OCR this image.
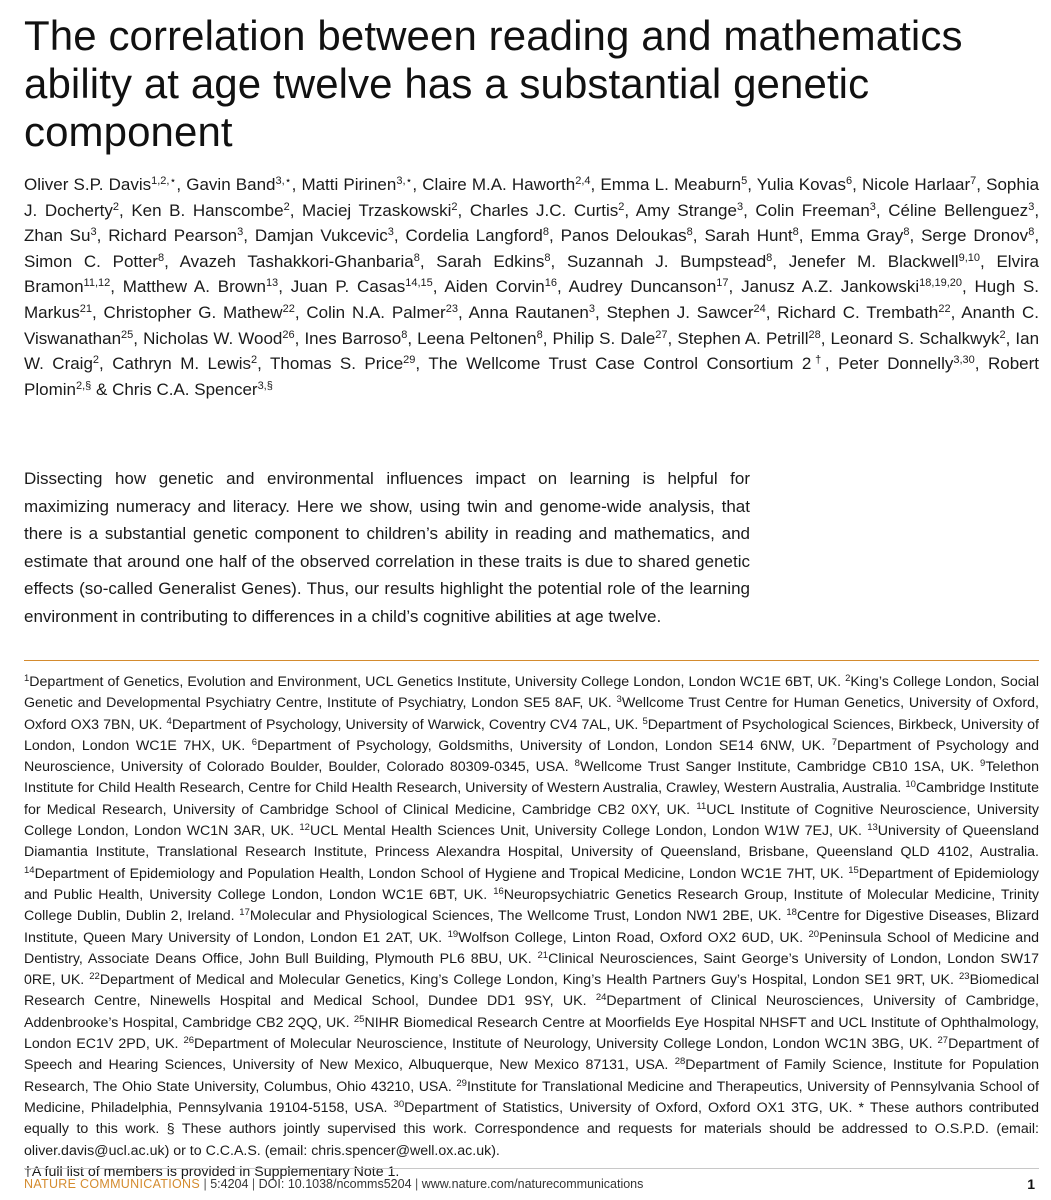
The correlation between reading and mathematics ability at age twelve has a substantial genetic component

Oliver S.P. Davis$^{1,2,⋆}$, Gavin Band$^{3,⋆}$, Matti Pirinen$^{3,⋆}$, Claire M.A. Haworth$^{2,4}$, Emma L. Meaburn$^5$, Yulia Kovas$^6$, Nicole Harlaar$^7$, Sophia J. Docherty$^2$, Ken B. Hanscombe$^2$, Maciej Trzaskowski$^2$, Charles J.C. Curtis$^2$, Amy Strange$^3$, Colin Freeman$^3$, Céline Bellenguez$^3$, Zhan Su$^3$, Richard Pearson$^3$, Damjan Vukcevic$^3$, Cordelia Langford$^8$, Panos Deloukas$^8$, Sarah Hunt$^8$, Emma Gray$^8$, Serge Dronov$^8$, Simon C. Potter$^8$, Avazeh Tashakkori-Ghanbaria$^8$, Sarah Edkins$^8$, Suzannah J. Bumpstead$^8$, Jenefer M. Blackwell$^{9,10}$, Elvira Bramon$^{11,12}$, Matthew A. Brown$^{13}$, Juan P. Casas$^{14,15}$, Aiden Corvin$^{16}$, Audrey Duncanson$^{17}$, Janusz A.Z. Jankowski$^{18,19,20}$, Hugh S. Markus$^{21}$, Christopher G. Mathew$^{22}$, Colin N.A. Palmer$^{23}$, Anna Rautanen$^3$, Stephen J. Sawcer$^{24}$, Richard C. Trembath$^{22}$, Ananth C. Viswanathan$^{25}$, Nicholas W. Wood$^{26}$, Ines Barroso$^8$, Leena Peltonen$^8$, Philip S. Dale$^{27}$, Stephen A. Petrill$^{28}$, Leonard S. Schalkwyk$^2$, Ian W. Craig$^2$, Cathryn M. Lewis$^2$, Thomas S. Price$^{29}$, The Wellcome Trust Case Control Consortium 2†, Peter Donnelly$^{3,30}$, Robert Plomin$^{2,\S}$ & Chris C.A. Spencer$^{3,\S}$

Dissecting how genetic and environmental influences impact on learning is helpful for maximizing numeracy and literacy. Here we show, using twin and genome-wide analysis, that there is a substantial genetic component to children’s ability in reading and mathematics, and estimate that around one half of the observed correlation in these traits is due to shared genetic effects (so-called Generalist Genes). Thus, our results highlight the potential role of the learning environment in contributing to differences in a child’s cognitive abilities at age twelve.

$^1$Department of Genetics, Evolution and Environment, UCL Genetics Institute, University College London, London WC1E 6BT, UK. $^2$King’s College London, Social Genetic and Developmental Psychiatry Centre, Institute of Psychiatry, London SE5 8AF, UK. $^3$Wellcome Trust Centre for Human Genetics, University of Oxford, Oxford OX3 7BN, UK. $^4$Department of Psychology, University of Warwick, Coventry CV4 7AL, UK. $^5$Department of Psychological Sciences, Birkbeck, University of London, London WC1E 7HX, UK. $^6$Department of Psychology, Goldsmiths, University of London, London SE14 6NW, UK. $^7$Department of Psychology and Neuroscience, University of Colorado Boulder, Boulder, Colorado 80309-0345, USA. $^8$Wellcome Trust Sanger Institute, Cambridge CB10 1SA, UK. $^9$Telethon Institute for Child Health Research, Centre for Child Health Research, University of Western Australia, Crawley, Western Australia, Australia. $^{10}$Cambridge Institute for Medical Research, University of Cambridge School of Clinical Medicine, Cambridge CB2 0XY, UK. $^{11}$UCL Institute of Cognitive Neuroscience, University College London, London WC1N 3AR, UK. $^{12}$UCL Mental Health Sciences Unit, University College London, London W1W 7EJ, UK. $^{13}$University of Queensland Diamantia Institute, Translational Research Institute, Princess Alexandra Hospital, University of Queensland, Brisbane, Queensland QLD 4102, Australia. $^{14}$Department of Epidemiology and Population Health, London School of Hygiene and Tropical Medicine, London WC1E 7HT, UK. $^{15}$Department of Epidemiology and Public Health, University College London, London WC1E 6BT, UK. $^{16}$Neuropsychiatric Genetics Research Group, Institute of Molecular Medicine, Trinity College Dublin, Dublin 2, Ireland. $^{17}$Molecular and Physiological Sciences, The Wellcome Trust, London NW1 2BE, UK. $^{18}$Centre for Digestive Diseases, Blizard Institute, Queen Mary University of London, London E1 2AT, UK. $^{19}$Wolfson College, Linton Road, Oxford OX2 6UD, UK. $^{20}$Peninsula School of Medicine and Dentistry, Associate Deans Office, John Bull Building, Plymouth PL6 8BU, UK. $^{21}$Clinical Neurosciences, Saint George’s University of London, London SW17 0RE, UK. $^{22}$Department of Medical and Molecular Genetics, King’s College London, King’s Health Partners Guy’s Hospital, London SE1 9RT, UK. $^{23}$Biomedical Research Centre, Ninewells Hospital and Medical School, Dundee DD1 9SY, UK. $^{24}$Department of Clinical Neurosciences, University of Cambridge, Addenbrooke’s Hospital, Cambridge CB2 2QQ, UK. $^{25}$NIHR Biomedical Research Centre at Moorfields Eye Hospital NHSFT and UCL Institute of Ophthalmology, London EC1V 2PD, UK. $^{26}$Department of Molecular Neuroscience, Institute of Neurology, University College London, London WC1N 3BG, UK. $^{27}$Department of Speech and Hearing Sciences, University of New Mexico, Albuquerque, New Mexico 87131, USA. $^{28}$Department of Family Science, Institute for Population Research, The Ohio State University, Columbus, Ohio 43210, USA. $^{29}$Institute for Translational Medicine and Therapeutics, University of Pennsylvania School of Medicine, Philadelphia, Pennsylvania 19104-5158, USA. $^{30}$Department of Statistics, University of Oxford, Oxford OX1 3TG, UK. * These authors contributed equally to this work. § These authors jointly supervised this work. Correspondence and requests for materials should be addressed to O.S.P.D. (email: oliver.davis@ucl.ac.uk) or to C.C.A.S. (email: chris.spencer@well.ox.ac.uk).
†A full list of members is provided in Supplementary Note 1.

NATURE COMMUNICATIONS | 5:4204 | DOI: 10.1038/ncomms5204 | www.nature.com/naturecommunications	1
